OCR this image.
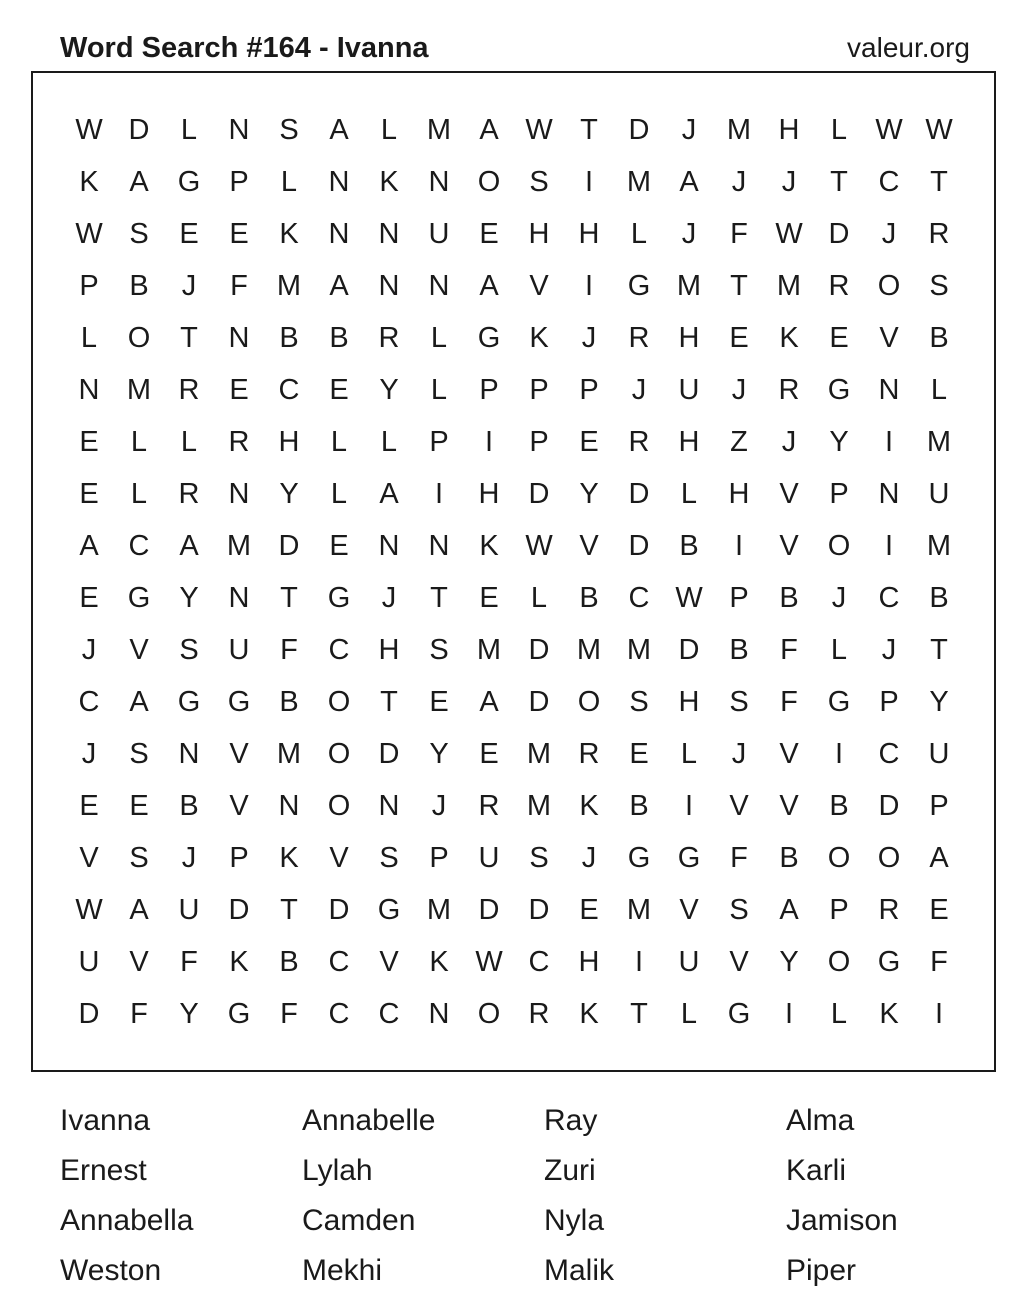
Word Search #164 - Ivanna	valeur.org
W D	L	N	S	A	L	M A W T	D	J	M H	L W W
K	A	G	P	L	N	K	N O	S	I	M A	J	J	T	C	T
W S	E	E	K	N	N	U	E	H	H	L	J	F W D	J	R
P	B	J	F	M A	N	N	A	V	I	G M	T	M R O	S
L	O	T	N	B	B	R	L	G	K	J	R	H	E	K	E	V	B
N M R	E	C	E	Y	L	P	P	P	J	U	J	R G N	L
E	L	L	R	H	L	L	P	I	P	E	R	H	Z	J	Y	I	M
E	L	R	N	Y	L	A	I	H	D	Y	D	L	H	V	P	N	U
A	C	A M D	E	N	N	K W V	D	B	I	V	O	I	M
E	G	Y	N	T	G	J	T	E	L	B	C W P	B	J	C	B
J	V	S	U	F	C	H	S M D M M D	B	F	L	J	T
C	A	G G	B	O	T	E	A	D O	S	H	S	F	G	P	Y
J	S	N	V M O D	Y	E M R	E	L	J	V	I	C	U
E	E	B	V	N O N	J	R M K	B	I	V	V	B	D	P
V	S	J	P	K	V	S	P	U	S	J	G G	F	B	O O	A
W A	U	D	T	D G M D	D	E M V	S	A	P	R	E
U	V	F	K	B	C	V	K W C	H	I	U	V	Y	O G	F
D	F	Y	G	F	C	C	N O R	K	T	L	G	I	L	K	I
Ivanna	Annabelle	Ray	Alma
Ernest	Lylah	Zuri	Karli
Annabella	Camden	Nyla	Jamison
Weston	Mekhi	Malik	Piper
